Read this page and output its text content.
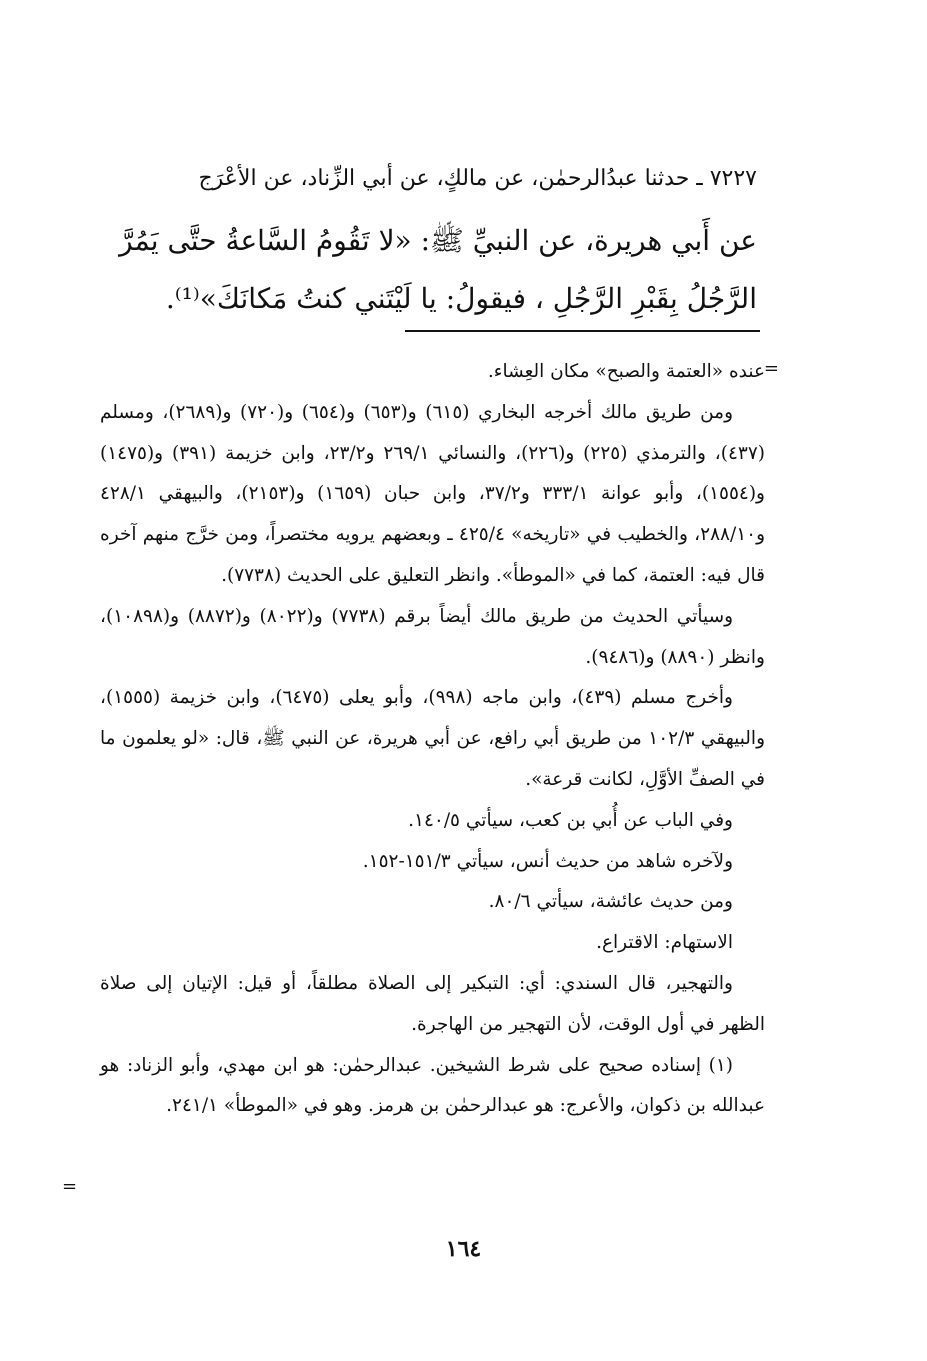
٧٢٢٧ ـ حدثنا عبدُالرحمٰن، عن مالكٍ، عن أبي الزِّناد، عن الأعْرَج
عن أَبي هريرة، عن النبيِّ ﷺ: «لا تَقُومُ السَّاعةُ حتَّى يَمُرَّ
الرَّجُلُ بِقَبْرِ الرَّجُلِ ، فيقولُ: يا لَيْتَني كنتُ مَكانَكَ»⁽¹⁾.
=

عنده «العتمة والصبح» مكان العِشاء.

ومن طريق مالك أخرجه البخاري (٦١٥) و(٦٥٣) و(٦٥٤) و(٧٢٠) و(٢٦٨٩)، ومسلم (٤٣٧)، والترمذي (٢٢٥) و(٢٢٦)، والنسائي ٢٦٩/١ و٢٣/٢، وابن خزيمة (٣٩١) و(١٤٧٥) و(١٥٥٤)، وأبو عوانة ٣٣٣/١ و٣٧/٢، وابن حبان (١٦٥٩) و(٢١٥٣)، والبيهقي ٤٢٨/١ و٢٨٨/١٠، والخطيب في «تاريخه» ٤٢٥/٤ ـ وبعضهم يرويه مختصراً، ومن خرَّج منهم آخره قال فيه: العتمة، كما في «الموطأ». وانظر التعليق على الحديث (٧٧٣٨).

وسيأتي الحديث من طريق مالك أيضاً برقم (٧٧٣٨) و(٨٠٢٢) و(٨٨٧٢) و(١٠٨٩٨)، وانظر (٨٨٩٠) و(٩٤٨٦).

وأخرج مسلم (٤٣٩)، وابن ماجه (٩٩٨)، وأبو يعلى (٦٤٧٥)، وابن خزيمة (١٥٥٥)، والبيهقي ١٠٢/٣ من طريق أبي رافع، عن أبي هريرة، عن النبي ﷺ، قال: «لو يعلمون ما في الصفِّ الأوَّلِ، لكانت قرعة».

وفي الباب عن أُبي بن كعب، سيأتي ١٤٠/٥.

ولآخره شاهد من حديث أنس، سيأتي ١٥١/٣-١٥٢.

ومن حديث عائشة، سيأتي ٨٠/٦.

الاستهام: الاقتراع.

والتهجير، قال السندي: أي: التبكير إلى الصلاة مطلقاً، أو قيل: الإتيان إلى صلاة الظهر في أول الوقت، لأن التهجير من الهاجرة.

(١) إسناده صحيح على شرط الشيخين. عبدالرحمٰن: هو ابن مهدي، وأبو الزناد: هو عبدالله بن ذكوان، والأعرج: هو عبدالرحمٰن بن هرمز. وهو في «الموطأ» ٢٤١/١.

=
١٦٤
